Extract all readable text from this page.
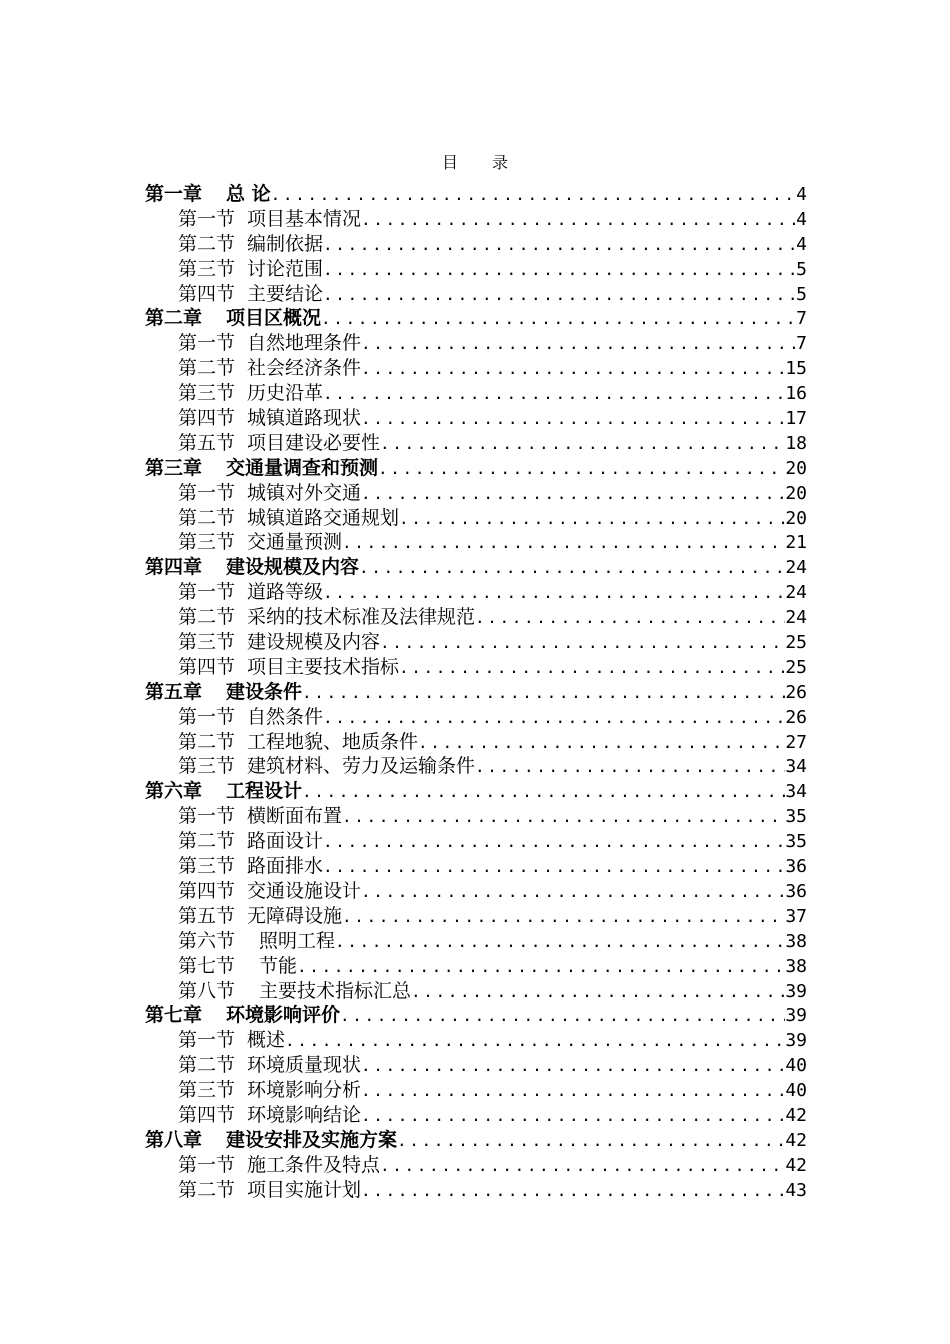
目 录
第一章 总 论 .....	4
第一节 项目基本情况 .....	4
第二节 编制依据 .....	4
第三节 讨论范围 .....	5
第四节 主要结论 .....	5
第二章 项目区概况 .....	7
第一节 自然地理条件 .....	7
第二节 社会经济条件 .....	15
第三节 历史沿革 .....	16
第四节 城镇道路现状 .....	17
第五节 项目建设必要性 .....	18
第三章 交通量调查和预测 .....	20
第一节 城镇对外交通 .....	20
第二节 城镇道路交通规划 .....	20
第三节 交通量预测 .....	21
第四章 建设规模及内容 .....	24
第一节 道路等级 .....	24
第二节 采纳的技术标准及法律规范 .....	24
第三节 建设规模及内容 .....	25
第四节 项目主要技术指标 .....	25
第五章 建设条件 .....	26
第一节 自然条件 .....	26
第二节 工程地貌、地质条件 .....	27
第三节 建筑材料、劳力及运输条件 .....	34
第六章 工程设计 .....	34
第一节 横断面布置 .....	35
第二节 路面设计 .....	35
第三节 路面排水 .....	36
第四节 交通设施设计 .....	36
第五节 无障碍设施 .....	37
第六节 照明工程 .....	38
第七节 节能 .....	38
第八节 主要技术指标汇总 .....	39
第七章 环境影响评价 .....	39
第一节 概述 .....	39
第二节 环境质量现状 .....	40
第三节 环境影响分析 .....	40
第四节 环境影响结论 .....	42
第八章 建设安排及实施方案 .....	42
第一节 施工条件及特点 .....	42
第二节 项目实施计划 .....	43
